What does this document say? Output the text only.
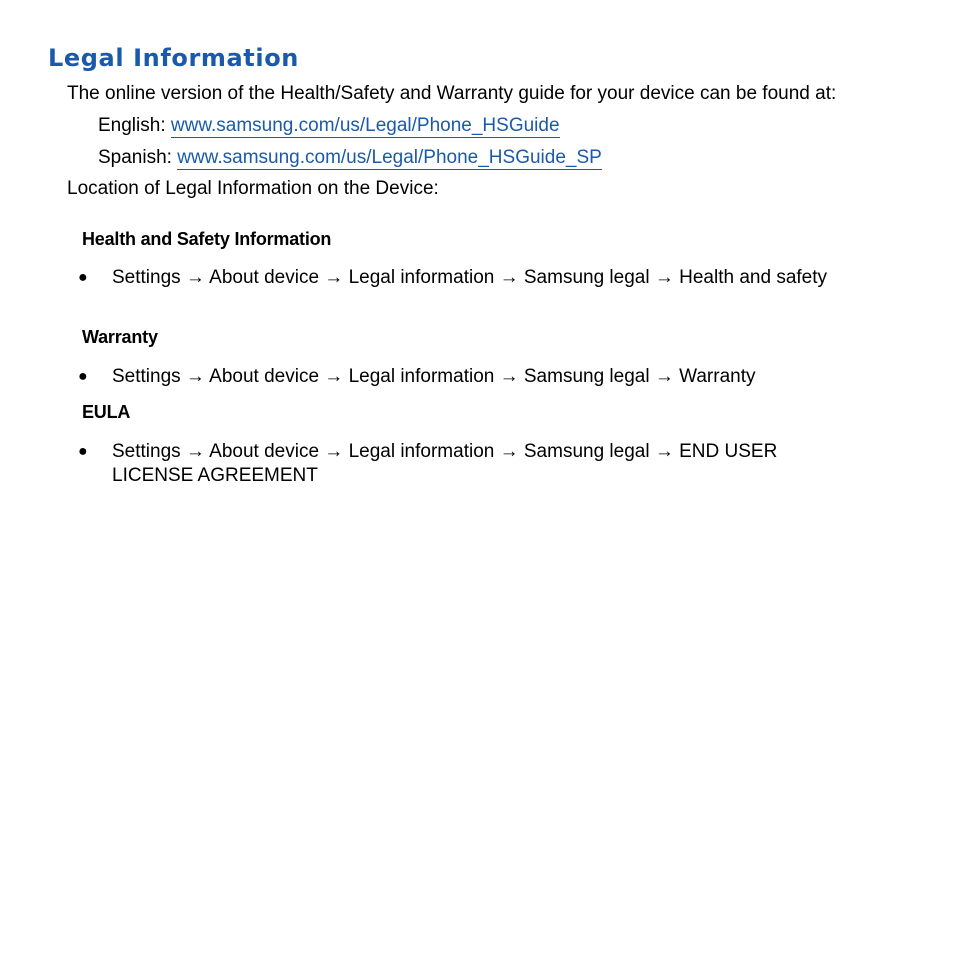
Legal Information

The online version of the Health/Safety and Warranty guide for your device can be found at:

English: www.samsung.com/us/Legal/Phone_HSGuide

Spanish: www.samsung.com/us/Legal/Phone_HSGuide_SP

Location of Legal Information on the Device:

Health and Safety Information
● Settings → About device → Legal information → Samsung legal → Health and safety
Warranty
● Settings → About device → Legal information → Samsung legal → Warranty
EULA
● Settings → About device → Legal information → Samsung legal → END USER LICENSE AGREEMENT
